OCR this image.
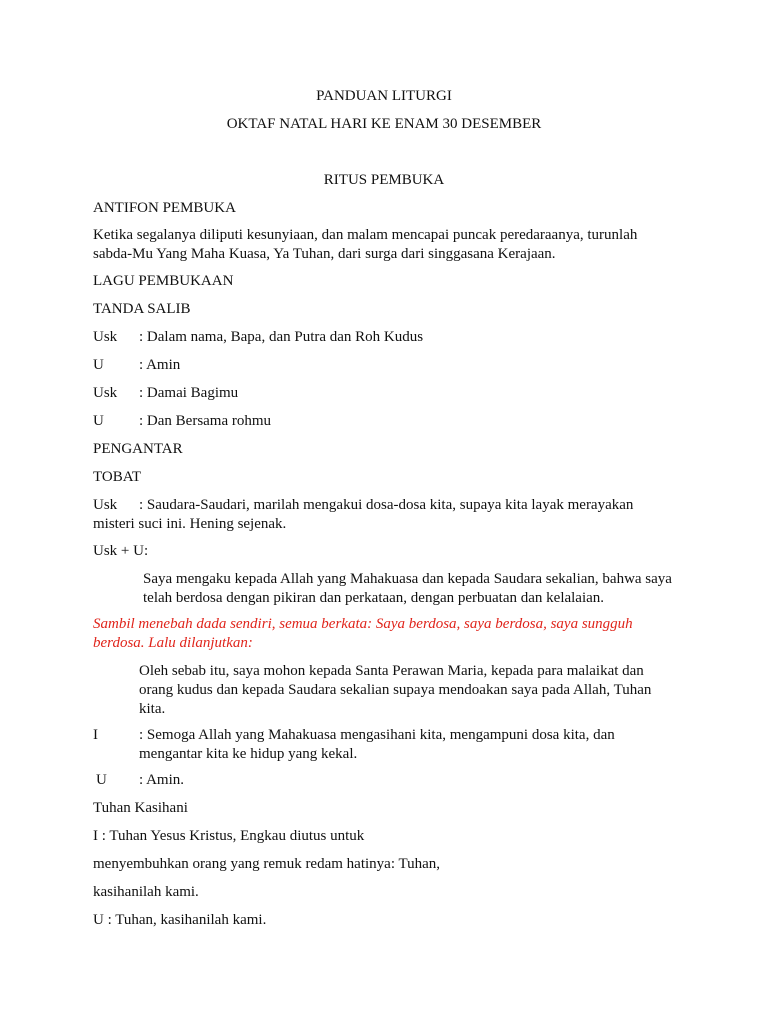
PANDUAN LITURGI

OKTAF NATAL HARI KE ENAM 30 DESEMBER

RITUS PEMBUKA

ANTIFON PEMBUKA

Ketika segalanya diliputi kesunyiaan, dan malam mencapai puncak peredaraanya, turunlah sabda-Mu Yang Maha Kuasa, Ya Tuhan, dari surga dari singgasana Kerajaan.

LAGU PEMBUKAAN

TANDA SALIB

Usk : Dalam nama, Bapa, dan Putra dan Roh Kudus

U : Amin

Usk : Damai Bagimu

U : Dan Bersama rohmu

PENGANTAR

TOBAT

Usk : Saudara-Saudari, marilah mengakui dosa-dosa kita, supaya kita layak merayakan misteri suci ini. Hening sejenak.

Usk + U:

Saya mengaku kepada Allah yang Mahakuasa dan kepada Saudara sekalian, bahwa saya telah berdosa dengan pikiran dan perkataan, dengan perbuatan dan kelalaian.

Sambil menebah dada sendiri, semua berkata: Saya berdosa, saya berdosa, saya sungguh berdosa. Lalu dilanjutkan:

Oleh sebab itu, saya mohon kepada Santa Perawan Maria, kepada para malaikat dan orang kudus dan kepada Saudara sekalian supaya mendoakan saya pada Allah, Tuhan kita.

I	: Semoga Allah yang Mahakuasa mengasihani kita, mengampuni dosa kita, dan mengantar kita ke hidup yang kekal.

U : Amin.

Tuhan Kasihani

I : Tuhan Yesus Kristus, Engkau diutus untuk

menyembuhkan orang yang remuk redam hatinya: Tuhan,

kasihanilah kami.

U : Tuhan, kasihanilah kami.
